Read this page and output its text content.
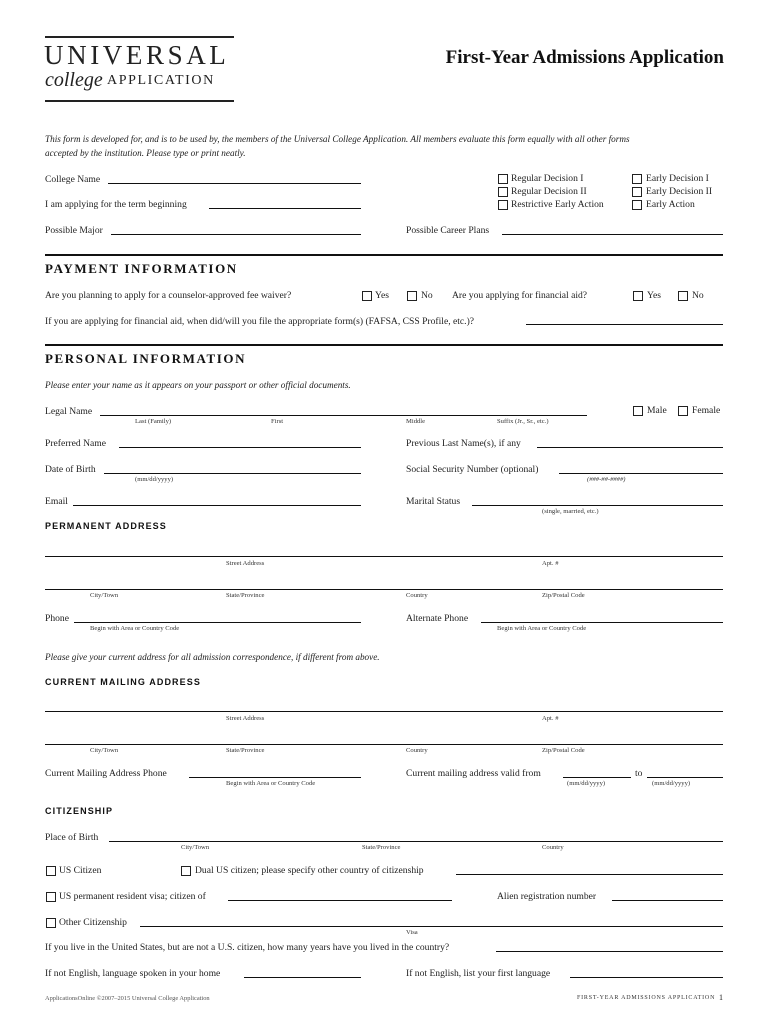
UNIVERSAL
college APPLICATION
First-Year Admissions Application
This form is developed for, and is to be used by, the members of the Universal College Application. All members evaluate this form equally with all other forms
accepted by the institution. Please type or print neatly.
College Name
I am applying for the term beginning
Possible Major
Regular Decision I
Regular Decision II
Restrictive Early Action
Early Decision I
Early Decision II
Early Action
Possible Career Plans
PAYMENT INFORMATION
Are you planning to apply for a counselor-approved fee waiver?	Yes	No Are you applying for financial aid?	Yes	No
If you are applying for financial aid, when did/will you file the appropriate form(s) (FAFSA, CSS Profile, etc.)?
PERSONAL INFORMATION
Please enter your name as it appears on your passport or other official documents.
Legal Name
Last (Family)	First	Middle	Suffix (Jr., Sr., etc.)
Male	Female
Preferred Name	Previous Last Name(s), if any
Date of Birth
(mm/dd/yyyy)
Social Security Number (optional)
(###-##-####)
Email	Marital Status
(single, married, etc.)
PERMANENT ADDRESS
Street Address	Apt. #
City/Town	State/Province	Country	Zip/Postal Code
Phone
Begin with Area or Country Code
Alternate Phone
Begin with Area or Country Code
Please give your current address for all admission correspondence, if different from above.
CURRENT MAILING ADDRESS
Street Address	Apt. #
City/Town	State/Province	Country	Zip/Postal Code
Current Mailing Address Phone
Begin with Area or Country Code
Current mailing address valid from
(mm/dd/yyyy)
to
(mm/dd/yyyy)
CITIZENSHIP
Place of Birth
City/Town	State/Province	Country
US Citizen	Dual US citizen; please specify other country of citizenship
US permanent resident visa; citizen of	Alien registration number
Other Citizenship
Visa
If you live in the United States, but are not a U.S. citizen, how many years have you lived in the country?
If not English, language spoken in your home	If not English, list your first language
ApplicationsOnline ©2007–2015 Universal College Application	FIRST-YEAR ADMISSIONS APPLICATION 1
